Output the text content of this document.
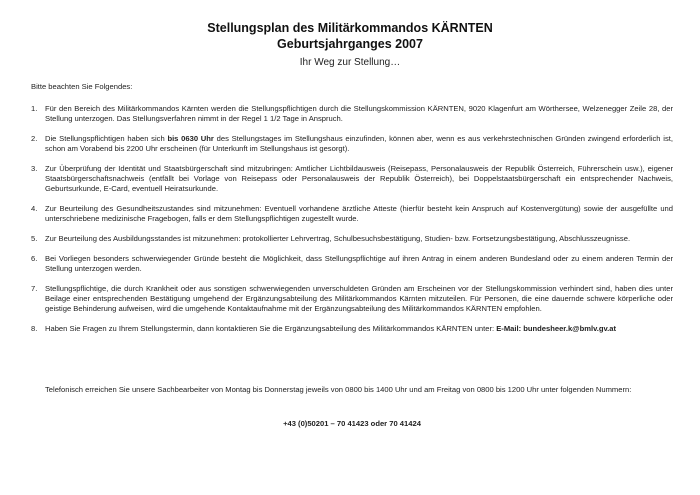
Stellungsplan des Militärkommandos KÄRNTEN
Geburtsjahrganges 2007
Ihr Weg zur Stellung…
Bitte beachten Sie Folgendes:
1. Für den Bereich des Militärkommandos Kärnten werden die Stellungspflichtigen durch die Stellungskommission KÄRNTEN, 9020 Klagenfurt am Wörthersee, Welzenegger Zeile 28, der Stellung unterzogen. Das Stellungsverfahren nimmt in der Regel 1 1/2 Tage in Anspruch.
2. Die Stellungspflichtigen haben sich bis 0630 Uhr des Stellungstages im Stellungshaus einzufinden, können aber, wenn es aus verkehrstechnischen Gründen zwingend erforderlich ist, schon am Vorabend bis 2200 Uhr erscheinen (für Unterkunft im Stellungshaus ist gesorgt).
3. Zur Überprüfung der Identität und Staatsbürgerschaft sind mitzubringen: Amtlicher Lichtbildausweis (Reisepass, Personalausweis der Republik Österreich, Führerschein usw.), eigener Staatsbürgerschaftsnachweis (entfällt bei Vorlage von Reisepass oder Personalausweis der Republik Österreich), bei Doppelstaatsbürgerschaft ein entsprechender Nachweis, Geburtsurkunde, E-Card, eventuell Heiratsurkunde.
4. Zur Beurteilung des Gesundheitszustandes sind mitzunehmen: Eventuell vorhandene ärztliche Atteste (hierfür besteht kein Anspruch auf Kostenvergütung) sowie der ausgefüllte und unterschriebene medizinische Fragebogen, falls er dem Stellungspflichtigen zugestellt wurde.
5. Zur Beurteilung des Ausbildungsstandes ist mitzunehmen: protokollierter Lehrvertrag, Schulbesuchsbestätigung, Studien- bzw. Fortsetzungsbestätigung, Abschlusszeugnisse.
6. Bei Vorliegen besonders schwerwiegender Gründe besteht die Möglichkeit, dass Stellungspflichtige auf ihren Antrag in einem anderen Bundesland oder zu einem anderen Termin der Stellung unterzogen werden.
7. Stellungspflichtige, die durch Krankheit oder aus sonstigen schwerwiegenden unverschuldeten Gründen am Erscheinen vor der Stellungskommission verhindert sind, haben dies unter Beilage einer entsprechenden Bestätigung umgehend der Ergänzungsabteilung des Militärkommandos Kärnten mitzuteilen. Für Personen, die eine dauernde schwere körperliche oder geistige Behinderung aufweisen, wird die umgehende Kontaktaufnahme mit der Ergänzungsabteilung des Militärkommandos KÄRNTEN empfohlen.
8. Haben Sie Fragen zu Ihrem Stellungstermin, dann kontaktieren Sie die Ergänzungsabteilung des Militärkommandos KÄRNTEN unter: E-Mail: bundesheer.k@bmlv.gv.at
Telefonisch erreichen Sie unsere Sachbearbeiter von Montag bis Donnerstag jeweils von 0800 bis 1400 Uhr und am Freitag von 0800 bis 1200 Uhr unter folgenden Nummern:
+43 (0)50201 – 70 41423 oder 70 41424
